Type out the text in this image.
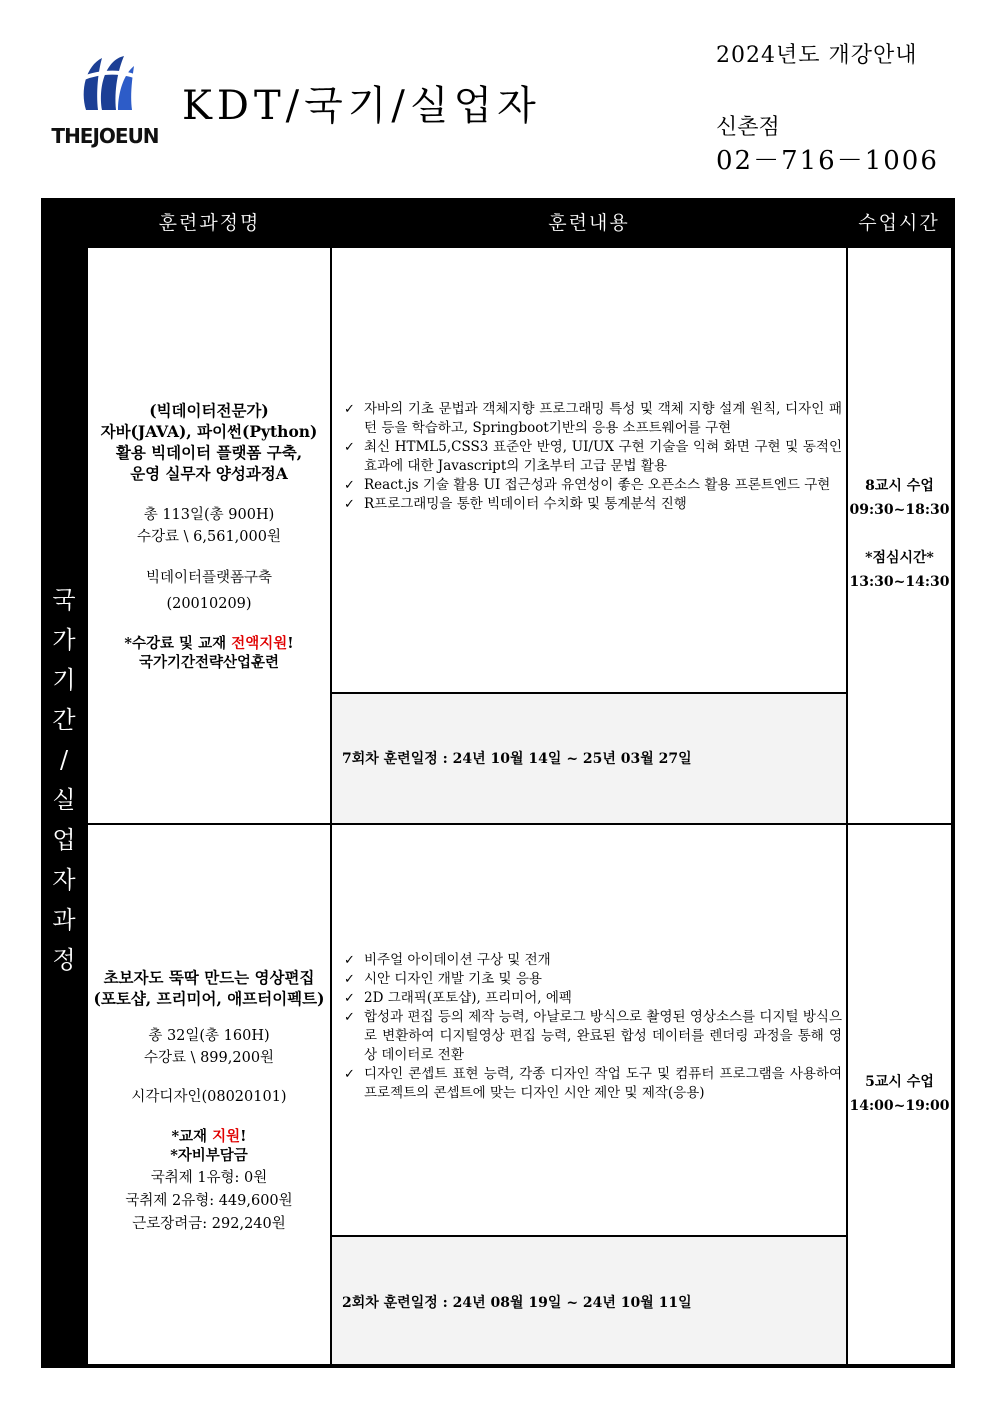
THEJOEUN
KDT/국기/실업자
2024년도 개강안내
신촌점
02－716－1006
훈련과정명	훈련내용	수업시간
국
가
기
간
/
실
업
자
과
정

(빅데이터전문가)

자바(JAVA), 파이썬(Python)

활용 빅데이터 플랫폼 구축,

운영 실무자 양성과정A

총 113일(총 900H)

수강료 \ 6,561,000원

빅데이터플랫폼구축

(20010209)

*수강료 및 교재 전액지원!

국가기간전략산업훈련

✓ 자바의 기초 문법과 객체지향 프로그래밍 특성 및 객체 지향 설계 원칙, 디자인 패턴 등을 학습하고, Springboot기반의 응용 소프트웨어를 구현
✓ 최신 HTML5,CSS3 표준안 반영, UI/UX 구현 기술을 익혀 화면 구현 및 동적인 효과에 대한 Javascript의 기초부터 고급 문법 활용
✓ React.js 기술 활용 UI 접근성과 유연성이 좋은 오픈소스 활용 프론트엔드 구현
✓ R프로그래밍을 통한 빅데이터 수치화 및 통계분석 진행
7회차 훈련일정 : 24년 10월 14일 ~ 25년 03월 27일
8교시 수업
09:30~18:30
*점심시간*
13:30~14:30

초보자도 뚝딱 만드는 영상편집

(포토샵, 프리미어, 애프터이펙트)

총 32일(총 160H)

수강료 \ 899,200원

시각디자인(08020101)

*교재 지원!

*자비부담금

국취제 1유형: 0원

국취제 2유형: 449,600원

근로장려금: 292,240원

✓ 비주얼 아이데이션 구상 및 전개
✓ 시안 디자인 개발 기초 및 응용
✓ 2D 그래픽(포토샵), 프리미어, 에펙
✓ 합성과 편집 등의 제작 능력, 아날로그 방식으로 촬영된 영상소스를 디지털 방식으로 변환하여 디지털영상 편집 능력, 완료된 합성 데이터를 렌더링 과정을 통해 영상 데이터로 전환
✓ 디자인 콘셉트 표현 능력, 각종 디자인 작업 도구 및 컴퓨터 프로그램을 사용하여 프로젝트의 콘셉트에 맞는 디자인 시안 제안 및 제작(응용)
2회차 훈련일정 : 24년 08월 19일 ~ 24년 10월 11일
5교시 수업
14:00~19:00
